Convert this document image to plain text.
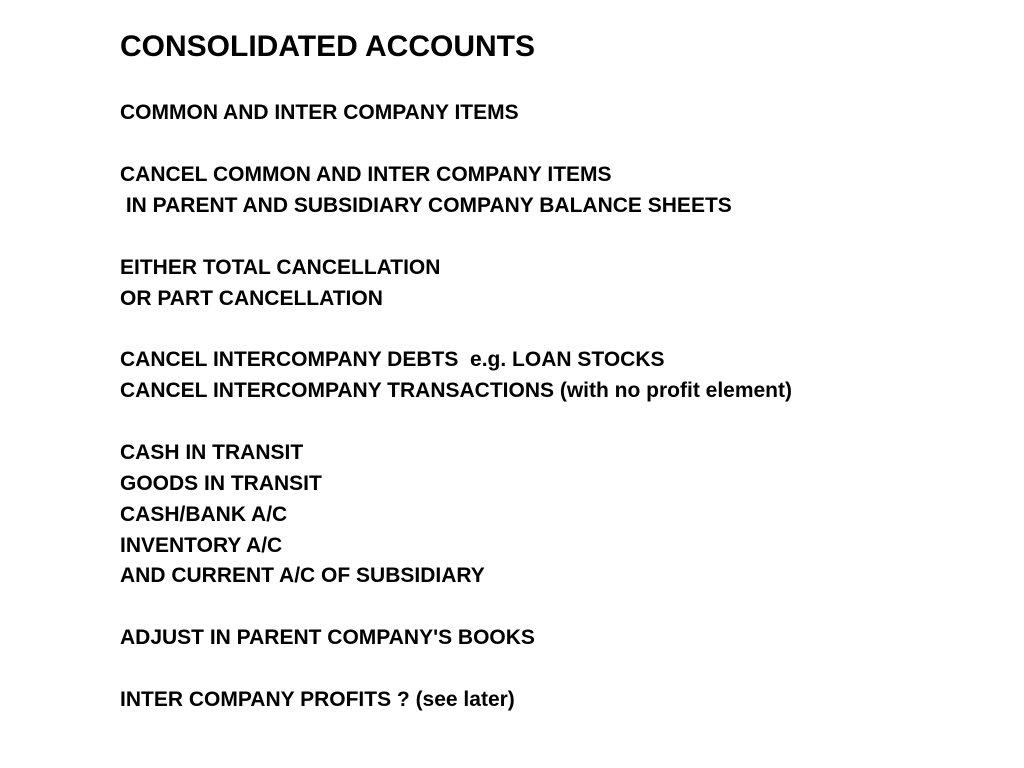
CONSOLIDATED ACCOUNTS
COMMON AND INTER COMPANY ITEMS
CANCEL COMMON AND INTER COMPANY ITEMS
IN PARENT AND SUBSIDIARY COMPANY BALANCE SHEETS
EITHER TOTAL CANCELLATION
OR PART CANCELLATION
CANCEL INTERCOMPANY DEBTS  e.g. LOAN STOCKS
CANCEL INTERCOMPANY TRANSACTIONS (with no profit element)
CASH IN TRANSIT
GOODS IN TRANSIT
CASH/BANK A/C
INVENTORY A/C
AND CURRENT A/C OF SUBSIDIARY
ADJUST IN PARENT COMPANY'S BOOKS
INTER COMPANY PROFITS ? (see later)
